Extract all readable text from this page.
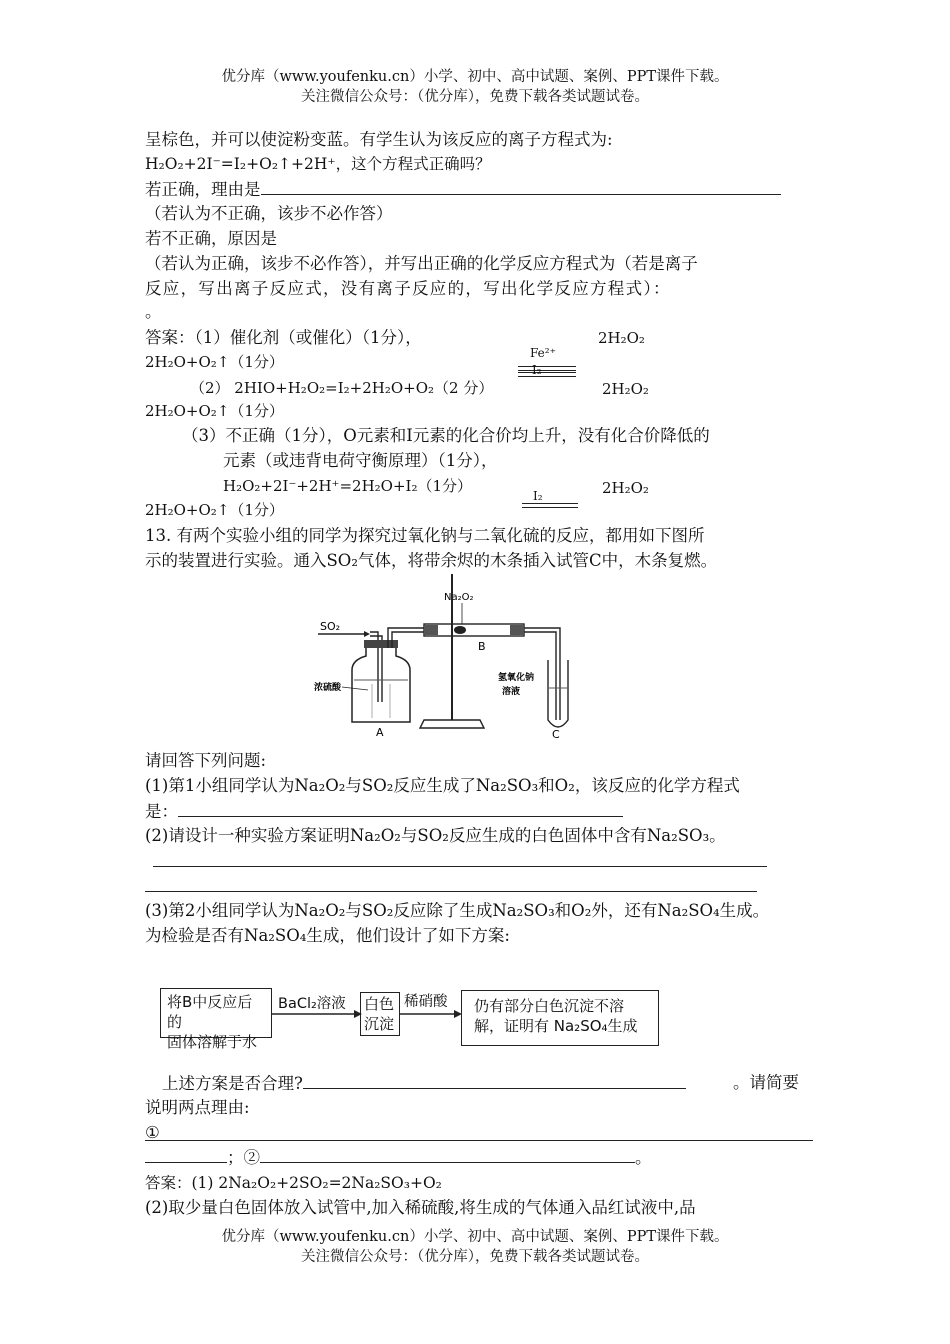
优分库（www.youfenku.cn）小学、初中、高中试题、案例、PPT课件下载。
关注微信公众号：（优分库），免费下载各类试题试卷。
呈棕色，并可以使淀粉变蓝。有学生认为该反应的离子方程式为:
H₂O₂+2I⁻=I₂+O₂↑+2H⁺，这个方程式正确吗？
若正确，理由是
（若认为不正确，该步不必作答）
若不正确，原因是
（若认为正确，该步不必作答），并写出正确的化学反应方程式为（若是离子
反应，写出离子反应式，没有离子反应的，写出化学反应方程式）：
。
答案：（1）催化剂（或催化）（1分），	2H₂O₂
2H₂O+O₂↑（1分）	Fe²⁺
（2） 2HIO+H₂O₂=I₂+2H₂O+O₂（2 分）
I₂
2H₂O₂
2H₂O+O₂↑（1分）
（3）不正确（1分），O元素和I元素的化合价均上升，没有化合价降低的
元素（或违背电荷守衡原理）（1分），
H₂O₂+2I⁻+2H⁺=2H₂O+I₂（1分）
I₂	2H₂O₂
2H₂O+O₂↑（1分）
13. 有两个实验小组的同学为探究过氧化钠与二氧化硫的反应，都用如下图所
示的装置进行实验。通入SO₂气体，将带余烬的木条插入试管C中，木条复燃。
SO₂
浓硫酸
A
Na₂O₂
B
氢氧化钠
溶液
C
请回答下列问题:
(1)第1小组同学认为Na₂O₂与SO₂反应生成了Na₂SO₃和O₂，该反应的化学方程式
是：
(2)请设计一种实验方案证明Na₂O₂与SO₂反应生成的白色固体中含有Na₂SO₃。
(3)第2小组同学认为Na₂O₂与SO₂反应除了生成Na₂SO₃和O₂外，还有Na₂SO₄生成。
为检验是否有Na₂SO₄生成，他们设计了如下方案:
将B中反应后的
固体溶解于水
BaCl₂溶液 白色
沉淀
稀硝酸 仍有部分白色沉淀不溶
解，证明有 Na₂SO₄生成
上述方案是否合理?	。请简要
说明两点理由:
①
；②	。
答案：(1) 2Na₂O₂+2SO₂=2Na₂SO₃+O₂
(2)取少量白色固体放入试管中,加入稀硫酸,将生成的气体通入品红试液中,品
优分库（www.youfenku.cn）小学、初中、高中试题、案例、PPT课件下载。
关注微信公众号：（优分库），免费下载各类试题试卷。
